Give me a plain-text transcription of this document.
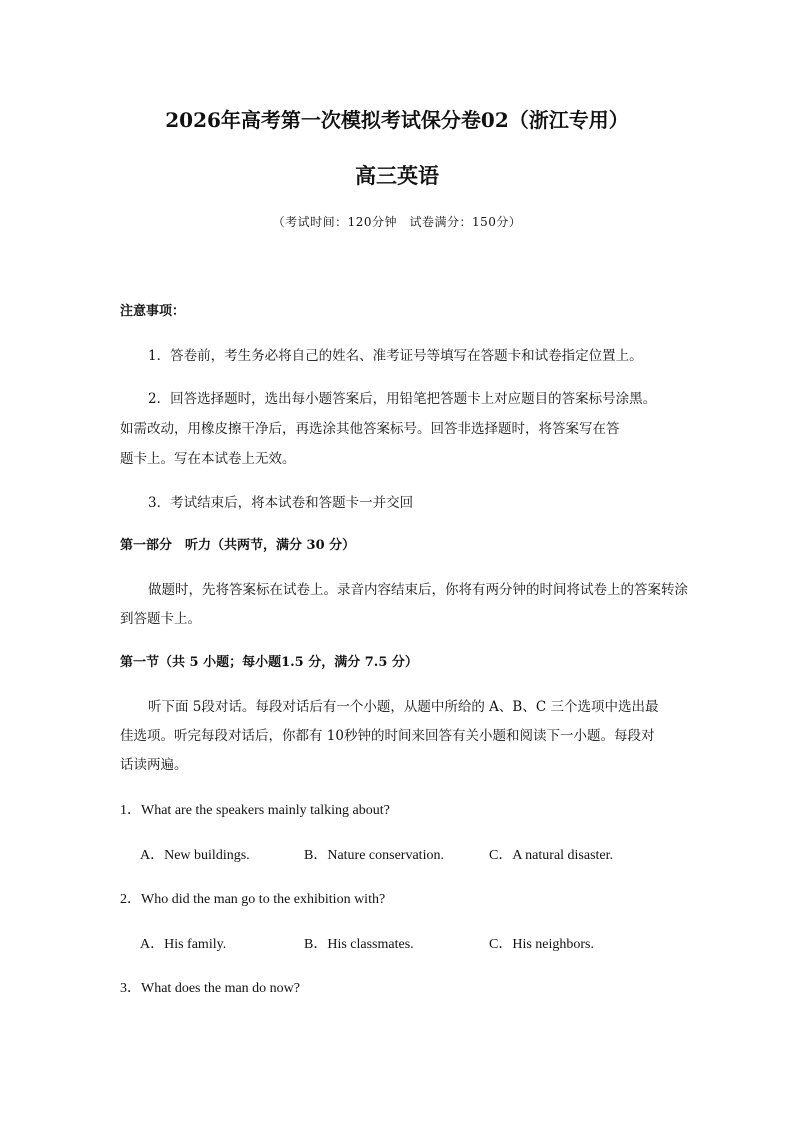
2026年高考第一次模拟考试保分卷02（浙江专用）
高三英语
（考试时间：120分钟　试卷满分：150分）
注意事项：
1．答卷前，考生务必将自己的姓名、准考证号等填写在答题卡和试卷指定位置上。
2．回答选择题时，选出每小题答案后，用铅笔把答题卡上对应题目的答案标号涂黑。
如需改动，用橡皮擦干净后，再选涂其他答案标号。回答非选择题时，将答案写在答
题卡上。写在本试卷上无效。
3．考试结束后，将本试卷和答题卡一并交回
第一部分　听力（共两节，满分 30 分）
做题时，先将答案标在试卷上。录音内容结束后，你将有两分钟的时间将试卷上的答案转涂
到答题卡上。
第一节（共 5 小题；每小题1.5 分，满分 7.5 分）
听下面 5段对话。每段对话后有一个小题，从题中所给的 A、B、C 三个选项中选出最
佳选项。听完每段对话后，你都有 10秒钟的时间来回答有关小题和阅读下一小题。每段对
话读两遍。
1．What are the speakers mainly talking about?
A．New buildings.	B．Nature conservation.	C．A natural disaster.
2．Who did the man go to the exhibition with?
A．His family.	B．His classmates.	C．His neighbors.
3．What does the man do now?
